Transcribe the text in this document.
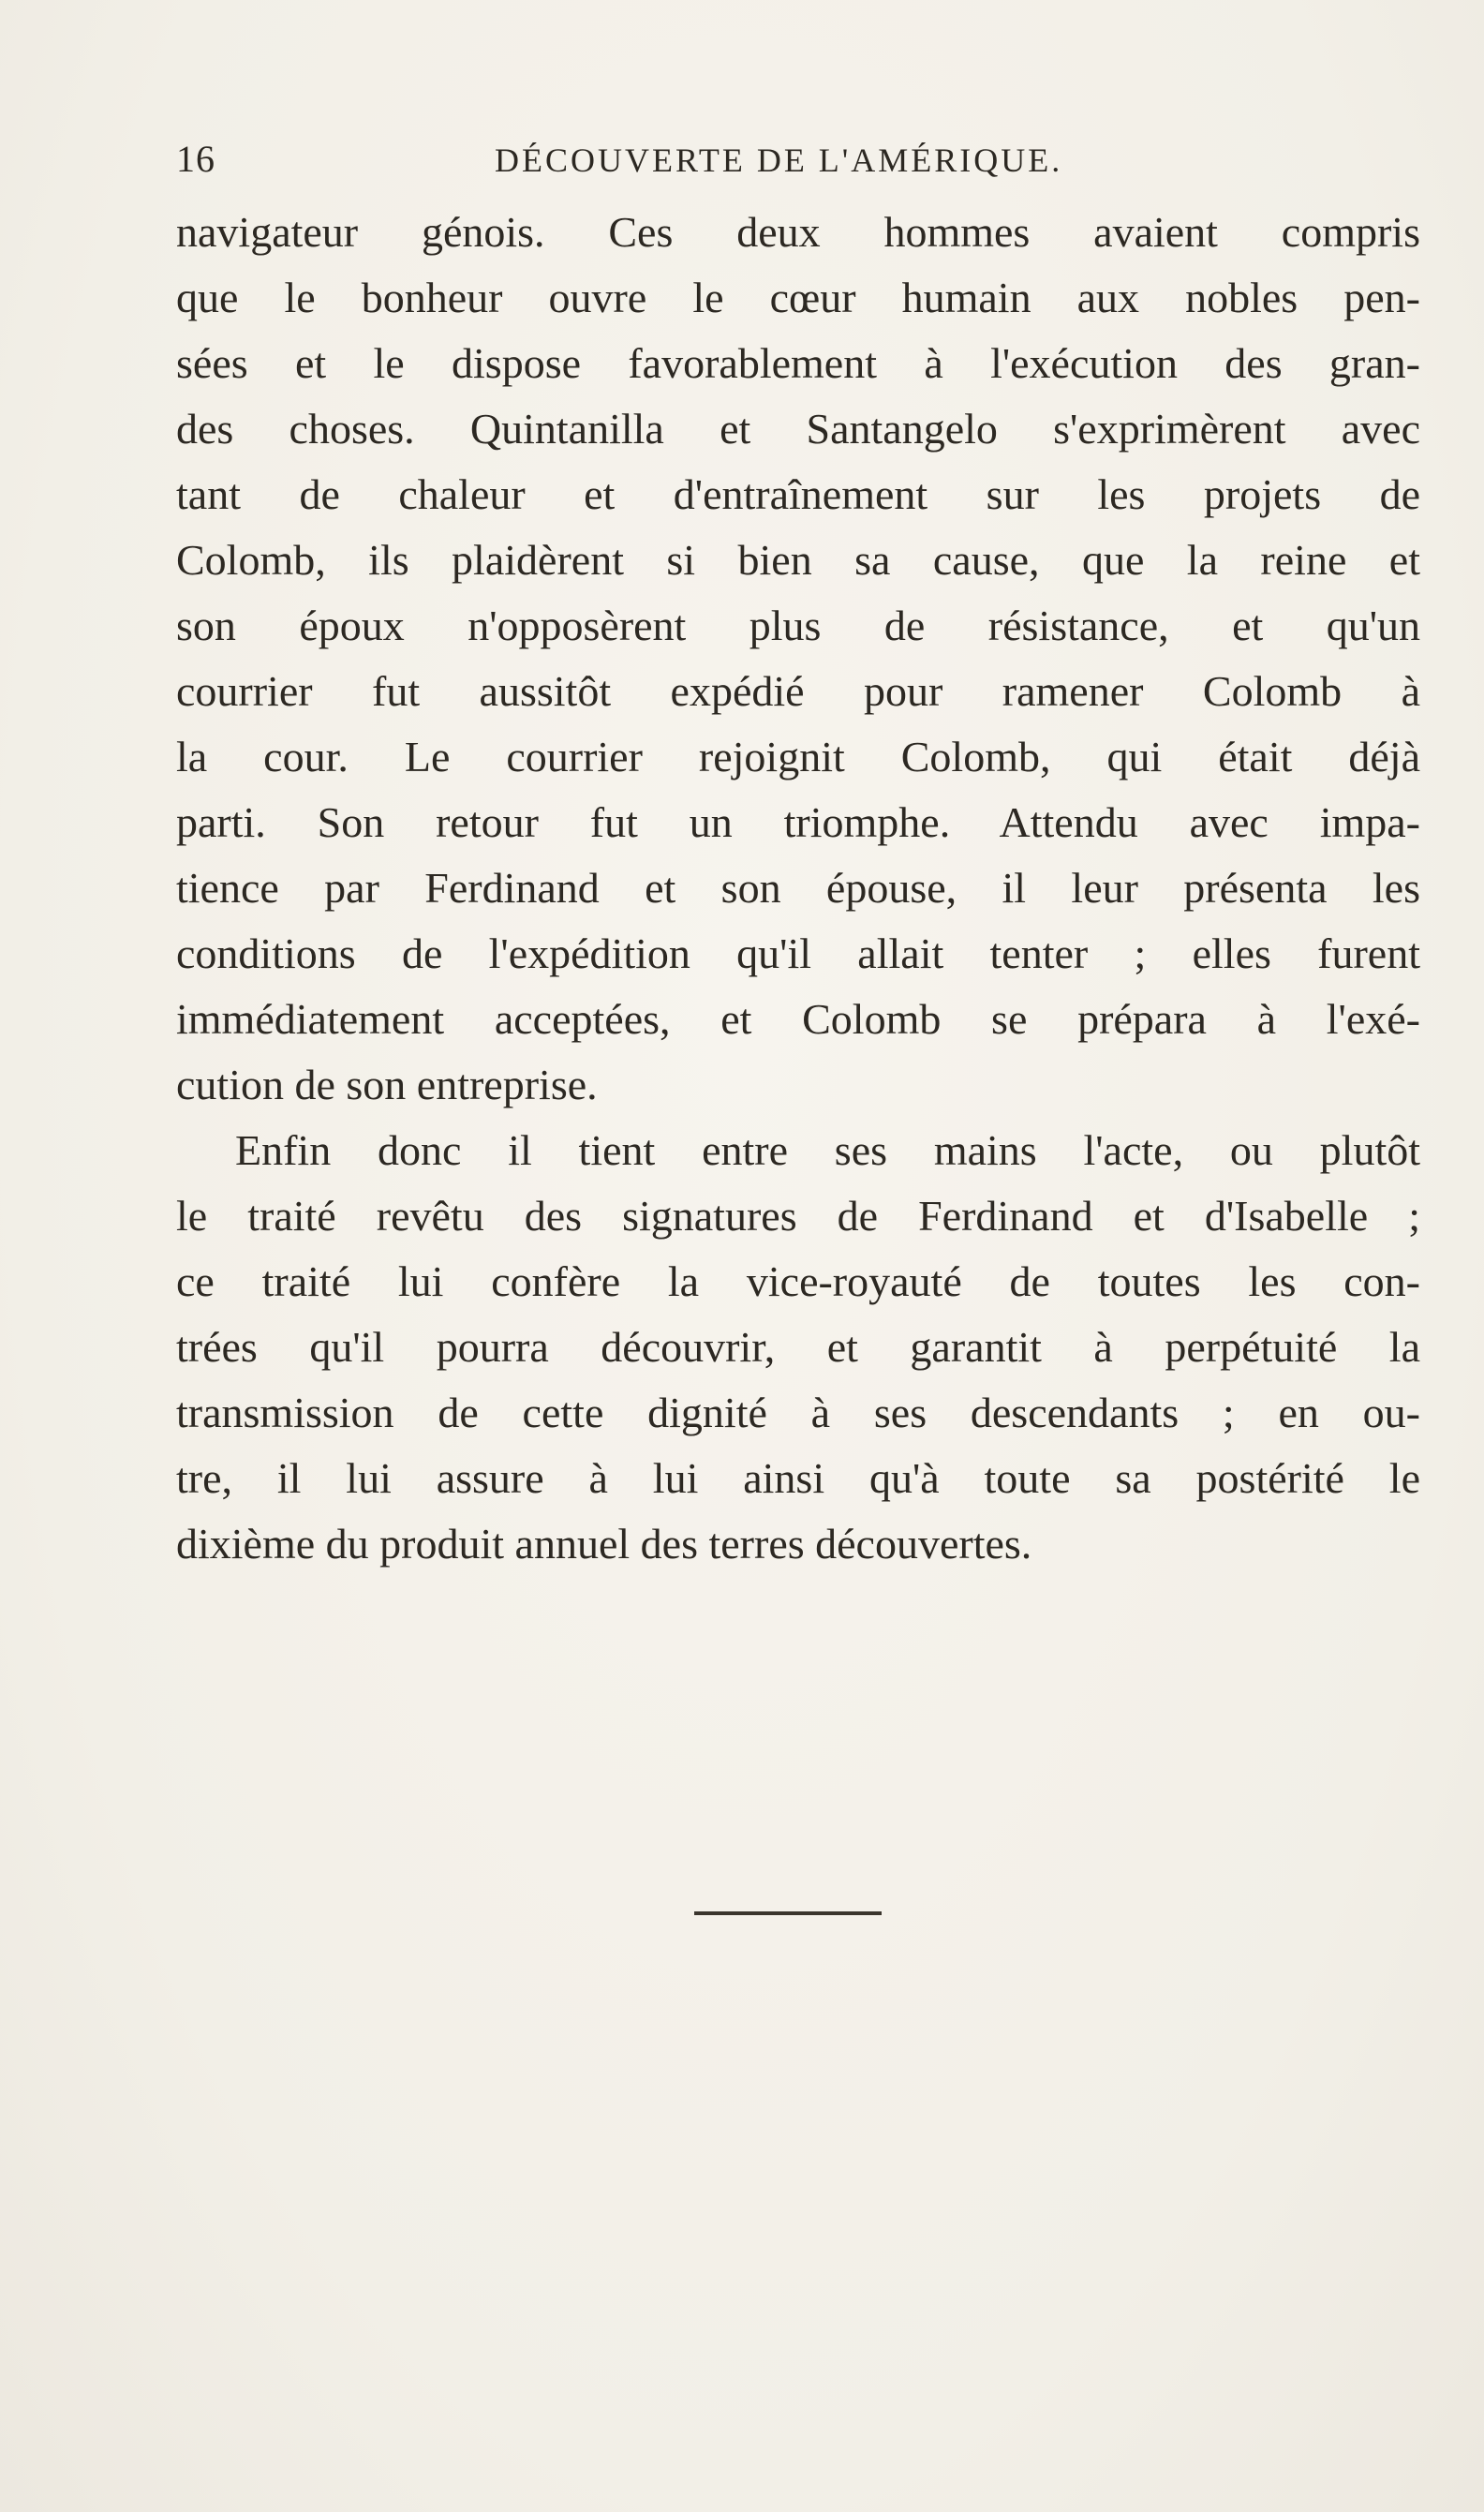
16	DÉCOUVERTE DE L'AMÉRIQUE.
navigateur génois. Ces deux hommes avaient compris
que le bonheur ouvre le cœur humain aux nobles pen-
sées et le dispose favorablement à l'exécution des gran-
des choses. Quintanilla et Santangelo s'exprimèrent avec
tant de chaleur et d'entraînement sur les projets de
Colomb, ils plaidèrent si bien sa cause, que la reine et
son époux n'opposèrent plus de résistance, et qu'un
courrier fut aussitôt expédié pour ramener Colomb à
la cour. Le courrier rejoignit Colomb, qui était déjà
parti. Son retour fut un triomphe. Attendu avec impa-
tience par Ferdinand et son épouse, il leur présenta les
conditions de l'expédition qu'il allait tenter ; elles furent
immédiatement acceptées, et Colomb se prépara à l'exé-
cution de son entreprise.
Enfin donc il tient entre ses mains l'acte, ou plutôt
le traité revêtu des signatures de Ferdinand et d'Isabelle ;
ce traité lui confère la vice-royauté de toutes les con-
trées qu'il pourra découvrir, et garantit à perpétuité la
transmission de cette dignité à ses descendants ; en ou-
tre, il lui assure à lui ainsi qu'à toute sa postérité le
dixième du produit annuel des terres découvertes.
